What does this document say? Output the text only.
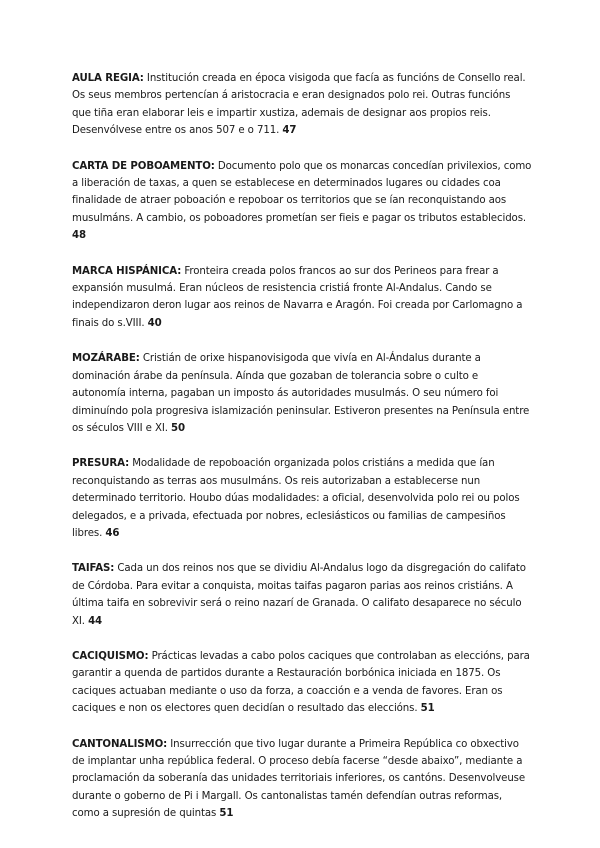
AULA REGIA: Institución creada en época visigoda que facía as funcións de Consello real. Os seus membros pertencían á aristocracia e eran designados polo rei. Outras funcións que tiña eran elaborar leis e impartir xustiza, ademais de designar aos propios reis. Desenvólvese entre os anos 507 e o 711. 47

CARTA DE POBOAMENTO: Documento polo que os monarcas concedían privilexios, como a liberación de taxas, a quen se establecese en determinados lugares ou cidades coa finalidade de atraer poboación e repoboar os territorios que se ían reconquistando aos musulmáns. A cambio, os poboadores prometían ser fieis e pagar os tributos establecidos. 48

MARCA HISPÁNICA: Fronteira creada polos francos ao sur dos Perineos para frear a expansión musulmá. Eran núcleos de resistencia cristiá fronte Al-Andalus. Cando se independizaron deron lugar aos reinos de Navarra e Aragón. Foi creada por Carlomagno a finais do s.VIII. 40

MOZÁRABE: Cristián de orixe hispanovisigoda que vivía en Al-Ándalus durante a dominación árabe da península. Aínda que gozaban de tolerancia sobre o culto e autonomía interna, pagaban un imposto ás autoridades musulmás. O seu número foi diminuíndo pola progresiva islamización peninsular. Estiveron presentes na Península entre os séculos VIII e XI. 50

PRESURA: Modalidade de repoboación organizada polos cristiáns a medida que ían reconquistando as terras aos musulmáns. Os reis autorizaban a establecerse nun determinado territorio. Houbo dúas modalidades: a oficial, desenvolvida polo rei ou polos delegados, e a privada, efectuada por nobres, eclesiásticos ou familias de campesiños libres. 46

TAIFAS: Cada un dos reinos nos que se dividiu Al-Andalus logo da disgregación do califato de Córdoba. Para evitar a conquista, moitas taifas pagaron parias aos reinos cristiáns. A última taifa en sobrevivir será o reino nazarí de Granada. O califato desaparece no século XI. 44

CACIQUISMO: Prácticas levadas a cabo polos caciques que controlaban as eleccións, para garantir a quenda de partidos durante a Restauración borbónica iniciada en 1875. Os caciques actuaban mediante o uso da forza, a coacción e a venda de favores. Eran os caciques e non os electores quen decidían o resultado das eleccións. 51

CANTONALISMO: Insurrección que tivo lugar durante a Primeira República co obxectivo de implantar unha república federal. O proceso debía facerse “desde abaixo”, mediante a proclamación da soberanía das unidades territoriais inferiores, os cantóns. Desenvolveuse durante o goberno de Pi i Margall. Os cantonalistas tamén defendían outras reformas, como a supresión de quintas 51
